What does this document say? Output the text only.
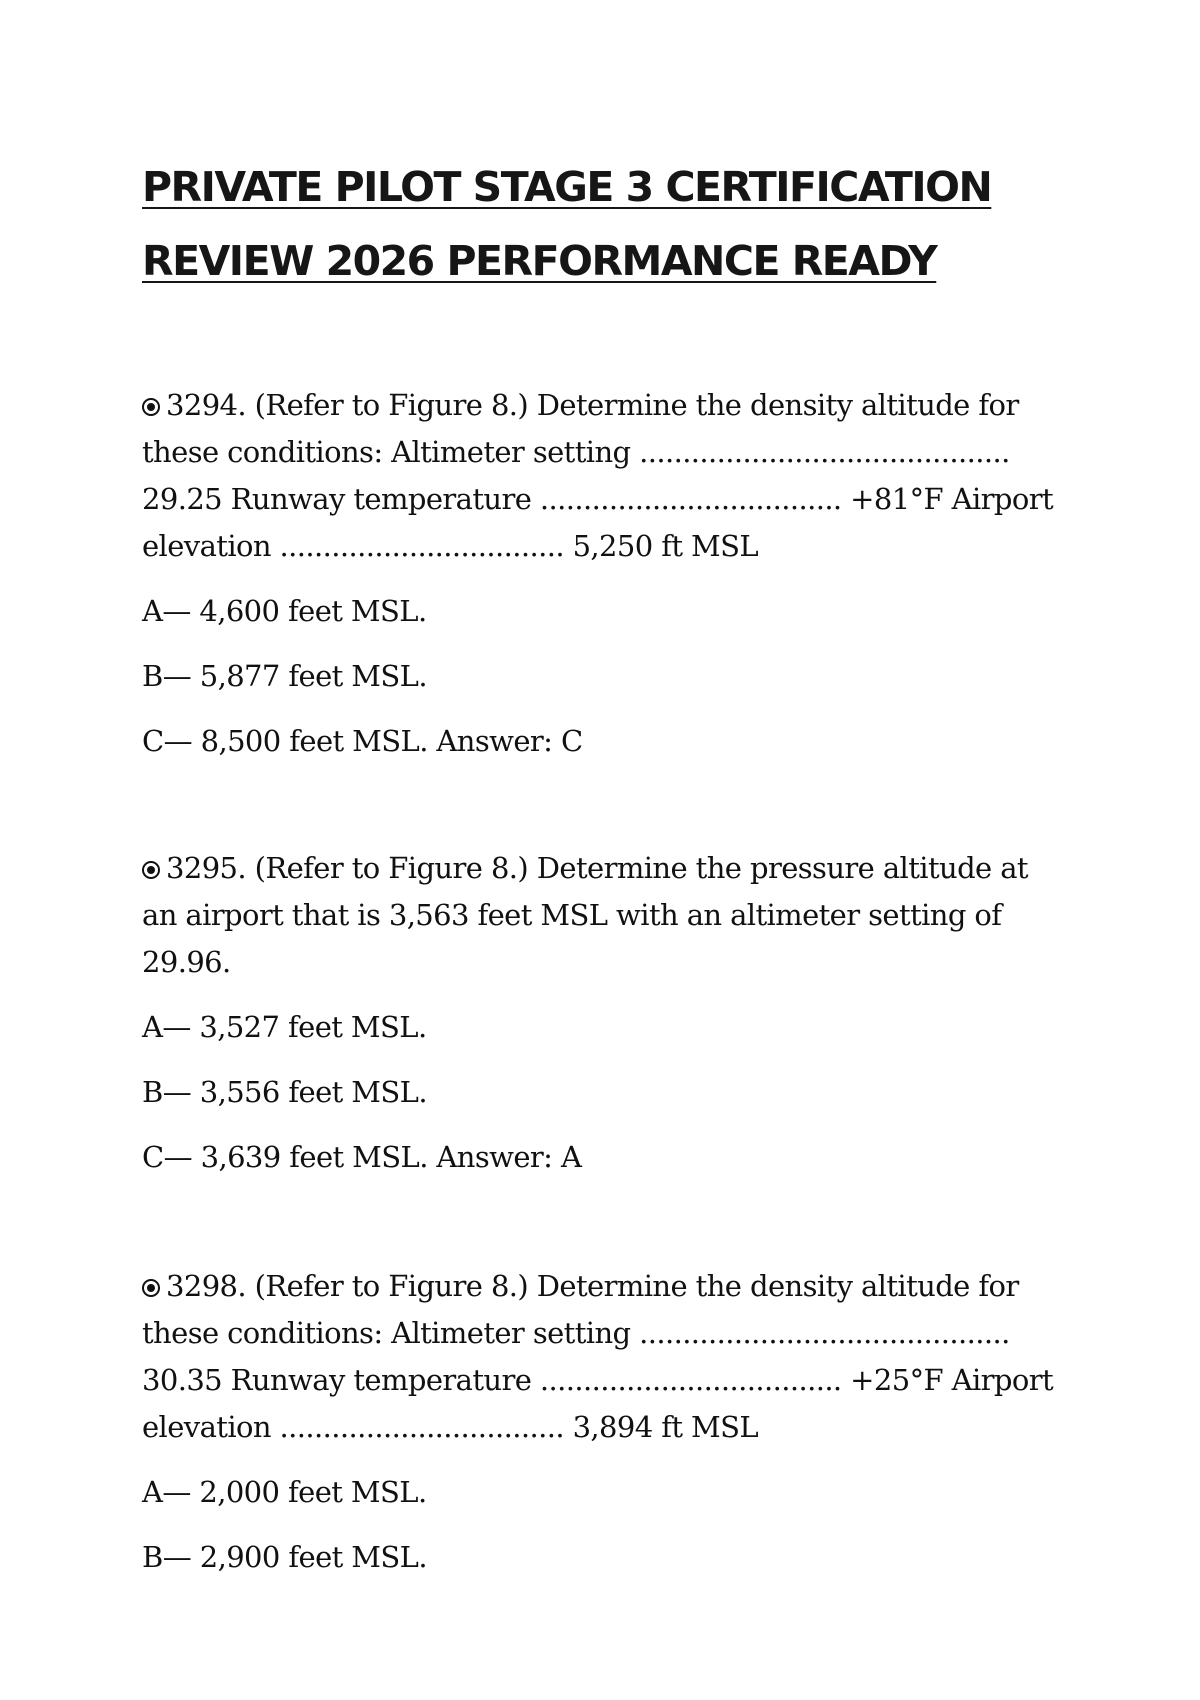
PRIVATE PILOT STAGE 3 CERTIFICATION
REVIEW 2026 PERFORMANCE READY

3294. (Refer to Figure 8.) Determine the density altitude for these conditions: Altimeter setting ........................................... 29.25 Runway temperature ................................... +81°F Airport elevation ................................. 5,250 ft MSL

A— 4,600 feet MSL.

B— 5,877 feet MSL.

C— 8,500 feet MSL. Answer: C

3295. (Refer to Figure 8.) Determine the pressure altitude at an airport that is 3,563 feet MSL with an altimeter setting of 29.96.

A— 3,527 feet MSL.

B— 3,556 feet MSL.

C— 3,639 feet MSL. Answer: A

3298. (Refer to Figure 8.) Determine the density altitude for these conditions: Altimeter setting ........................................... 30.35 Runway temperature ................................... +25°F Airport elevation ................................. 3,894 ft MSL

A— 2,000 feet MSL.

B— 2,900 feet MSL.
